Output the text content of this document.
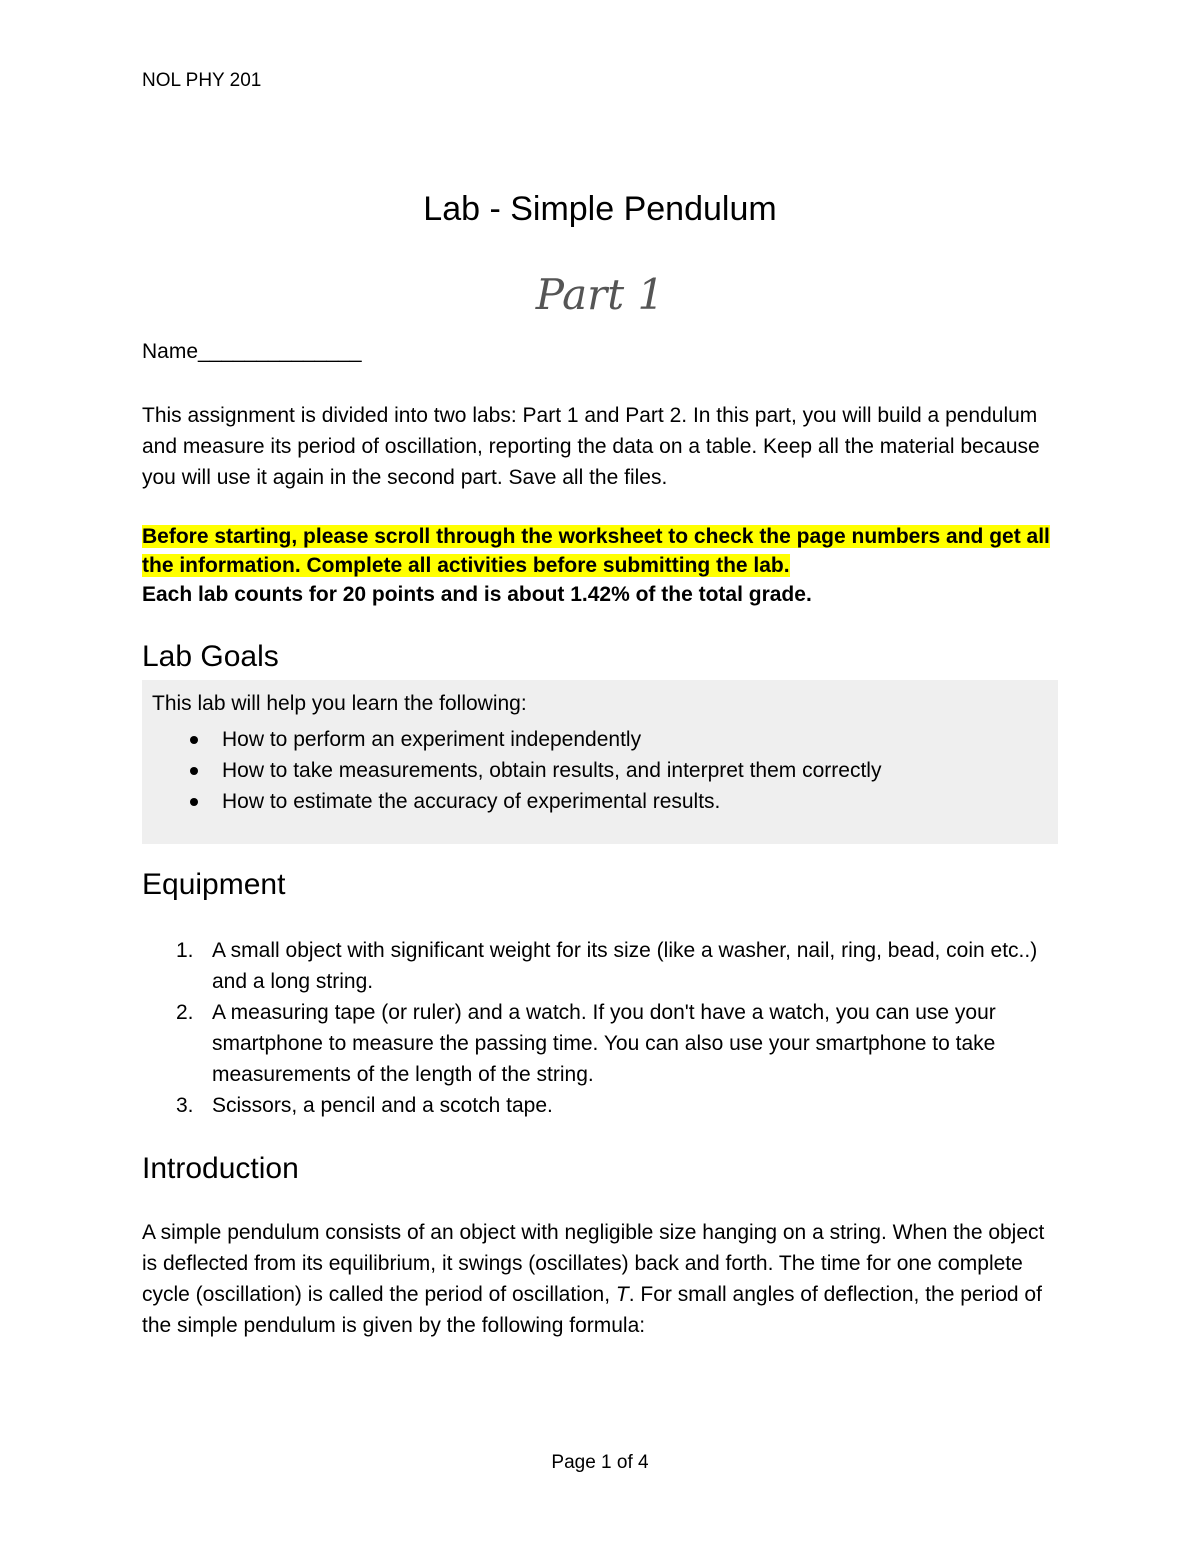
NOL PHY 201
Lab - Simple Pendulum
Part 1
Name______________
This assignment is divided into two labs: Part 1 and Part 2. In this part, you will build a pendulum and measure its period of oscillation, reporting the data on a table. Keep all the material because you will use it again in the second part. Save all the files.
Before starting, please scroll through the worksheet to check the page numbers and get all the information. Complete all activities before submitting the lab.
Each lab counts for 20 points and is about 1.42% of the total grade.
Lab Goals
This lab will help you learn the following:
How to perform an experiment independently
How to take measurements, obtain results, and interpret them correctly
How to estimate the accuracy of experimental results.
Equipment
1. A small object with significant weight for its size (like a washer, nail, ring, bead, coin etc..) and a long string.
2. A measuring tape (or ruler) and a watch. If you don't have a watch, you can use your smartphone to measure the passing time. You can also use your smartphone to take measurements of the length of the string.
3. Scissors, a pencil and a scotch tape.
Introduction
A simple pendulum consists of an object with negligible size hanging on a string. When the object is deflected from its equilibrium, it swings (oscillates) back and forth. The time for one complete cycle (oscillation) is called the period of oscillation, T. For small angles of deflection, the period of the simple pendulum is given by the following formula:
Page 1 of 4
